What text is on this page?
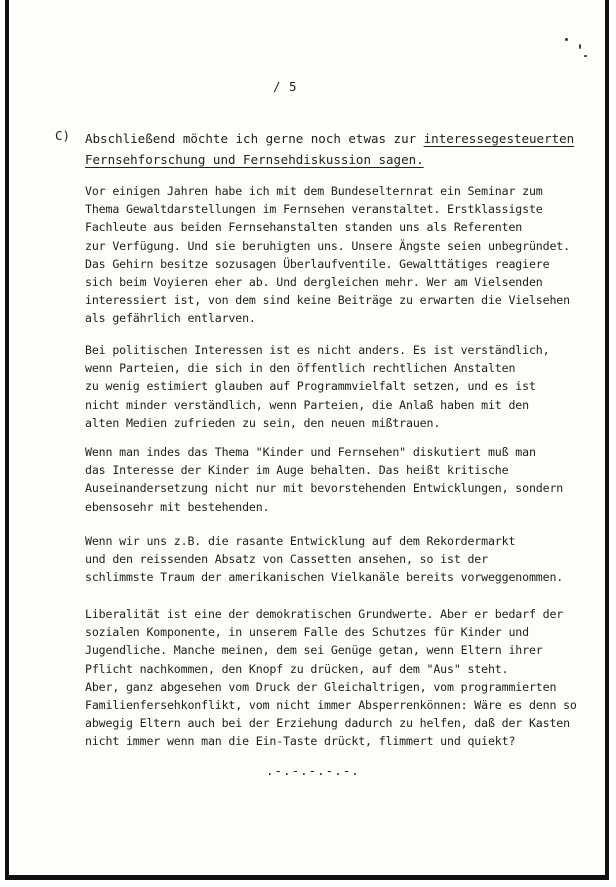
/ 5
C) Abschließend möchte ich gerne noch etwas zur interessegesteuerten
Fernsehforschung und Fernsehdiskussion sagen.
Vor einigen Jahren habe ich mit dem Bundeselternrat ein Seminar zum
Thema Gewaltdarstellungen im Fernsehen veranstaltet. Erstklassigste
Fachleute aus beiden Fernsehanstalten standen uns als Referenten
zur Verfügung. Und sie beruhigten uns. Unsere Ängste seien unbegründet.
Das Gehirn besitze sozusagen Überlaufventile. Gewalttätiges reagiere
sich beim Voyieren eher ab. Und dergleichen mehr. Wer am Vielsenden
interessiert ist, von dem sind keine Beiträge zu erwarten die Vielsehen
als gefährlich entlarven.
Bei politischen Interessen ist es nicht anders. Es ist verständlich,
wenn Parteien, die sich in den öffentlich rechtlichen Anstalten
zu wenig estimiert glauben auf Programmvielfalt setzen, und es ist
nicht minder verständlich, wenn Parteien, die Anlaß haben mit den
alten Medien zufrieden zu sein, den neuen mißtrauen.
Wenn man indes das Thema "Kinder und Fernsehen" diskutiert muß man
das Interesse der Kinder im Auge behalten. Das heißt kritische
Auseinandersetzung nicht nur mit bevorstehenden Entwicklungen, sondern
ebensosehr mit bestehenden.
Wenn wir uns z.B. die rasante Entwicklung auf dem Rekordermarkt
und den reissenden Absatz von Cassetten ansehen, so ist der
schlimmste Traum der amerikanischen Vielkanäle bereits vorweggenommen.
Liberalität ist eine der demokratischen Grundwerte. Aber er bedarf der
sozialen Komponente, in unserem Falle des Schutzes für Kinder und
Jugendliche. Manche meinen, dem sei Genüge getan, wenn Eltern ihrer
Pflicht nachkommen, den Knopf zu drücken, auf dem "Aus" steht.
Aber, ganz abgesehen vom Druck der Gleichaltrigen, vom programmierten
Familienfersehkonflikt, vom nicht immer Absperrenkönnen: Wäre es denn so
abwegig Eltern auch bei der Erziehung dadurch zu helfen, daß der Kasten
nicht immer wenn man die Ein-Taste drückt, flimmert und quiekt?
.-.-.-.-.-.
